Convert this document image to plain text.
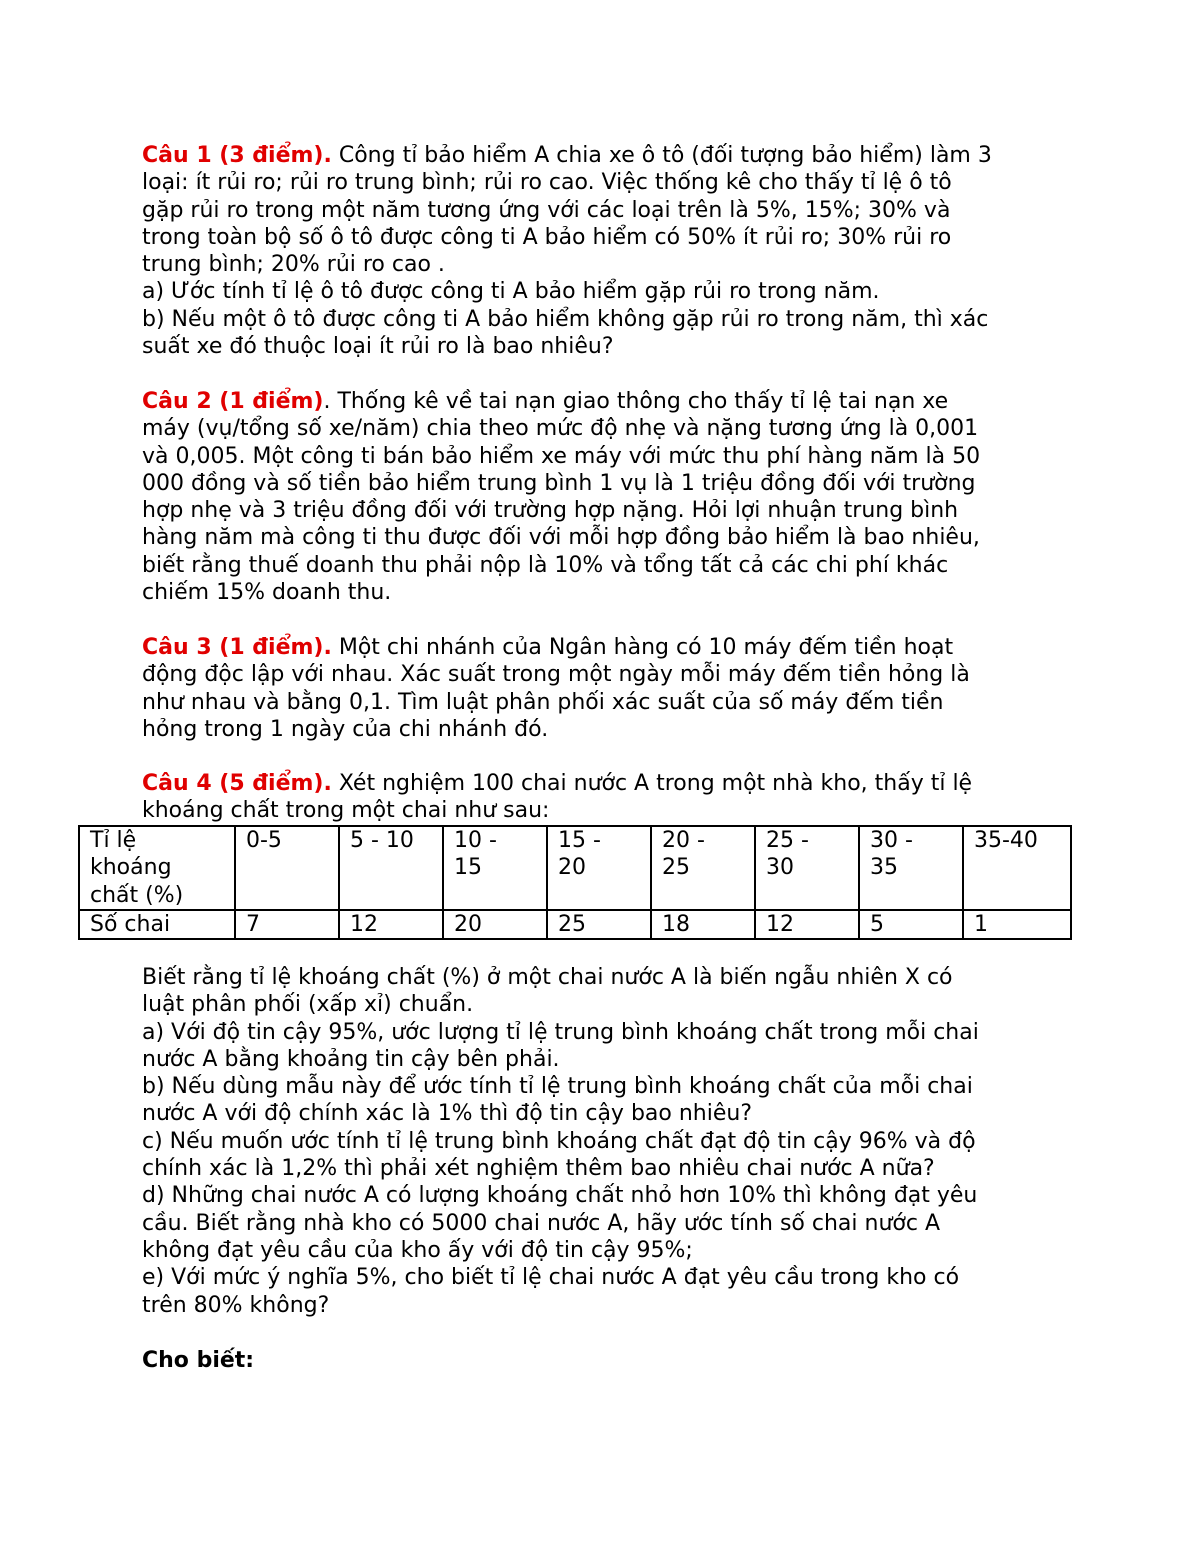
Câu 1 (3 điểm). Công tỉ bảo hiểm A chia xe ô tô (đối tượng bảo hiểm) làm 3
loại: ít rủi ro; rủi ro trung bình; rủi ro cao. Việc thống kê cho thấy tỉ lệ ô tô
gặp rủi ro trong một năm tương ứng với các loại trên là 5%, 15%; 30% và
trong toàn bộ số ô tô được công ti A bảo hiểm có 50% ít rủi ro; 30% rủi ro
trung bình; 20% rủi ro cao .
a) Ước tính tỉ lệ ô tô được công ti A bảo hiểm gặp rủi ro trong năm.
b) Nếu một ô tô được công ti A bảo hiểm không gặp rủi ro trong năm, thì xác
suất xe đó thuộc loại ít rủi ro là bao nhiêu?
Câu 2 (1 điểm). Thống kê về tai nạn giao thông cho thấy tỉ lệ tai nạn xe
máy (vụ/tổng số xe/năm) chia theo mức độ nhẹ và nặng tương ứng là 0,001
và 0,005. Một công ti bán bảo hiểm xe máy với mức thu phí hàng năm là 50
000 đồng và số tiền bảo hiểm trung bình 1 vụ là 1 triệu đồng đối với trường
hợp nhẹ và 3 triệu đồng đối với trường hợp nặng. Hỏi lợi nhuận trung bình
hàng năm mà công ti thu được đối với mỗi hợp đồng bảo hiểm là bao nhiêu,
biết rằng thuế doanh thu phải nộp là 10% và tổng tất cả các chi phí khác
chiếm 15% doanh thu.
Câu 3 (1 điểm). Một chi nhánh của Ngân hàng có 10 máy đếm tiền hoạt
động độc lập với nhau. Xác suất trong một ngày mỗi máy đếm tiền hỏng là
như nhau và bằng 0,1. Tìm luật phân phối xác suất của số máy đếm tiền
hỏng trong 1 ngày của chi nhánh đó.
Câu 4 (5 điểm). Xét nghiệm 100 chai nước A trong một nhà kho, thấy tỉ lệ
khoáng chất trong một chai như sau:
Tỉ lệ khoáng chất (%)	0-5	5 - 10	10 - 15	15 - 20	20 - 25	25 - 30	30 - 35	35-40
Số chai	7	12	20	25	18	12	5	1
Biết rằng tỉ lệ khoáng chất (%) ở một chai nước A là biến ngẫu nhiên X có
luật phân phối (xấp xỉ) chuẩn.
a) Với độ tin cậy 95%, ước lượng tỉ lệ trung bình khoáng chất trong mỗi chai
nước A bằng khoảng tin cậy bên phải.
b) Nếu dùng mẫu này để ước tính tỉ lệ trung bình khoáng chất của mỗi chai
nước A với độ chính xác là 1% thì độ tin cậy bao nhiêu?
c) Nếu muốn ước tính tỉ lệ trung bình khoáng chất đạt độ tin cậy 96% và độ
chính xác là 1,2% thì phải xét nghiệm thêm bao nhiêu chai nước A nữa?
d) Những chai nước A có lượng khoáng chất nhỏ hơn 10% thì không đạt yêu
cầu. Biết rằng nhà kho có 5000 chai nước A, hãy ước tính số chai nước A
không đạt yêu cầu của kho ấy với độ tin cậy 95%;
e) Với mức ý nghĩa 5%, cho biết tỉ lệ chai nước A đạt yêu cầu trong kho có
trên 80% không?
Cho biết:
